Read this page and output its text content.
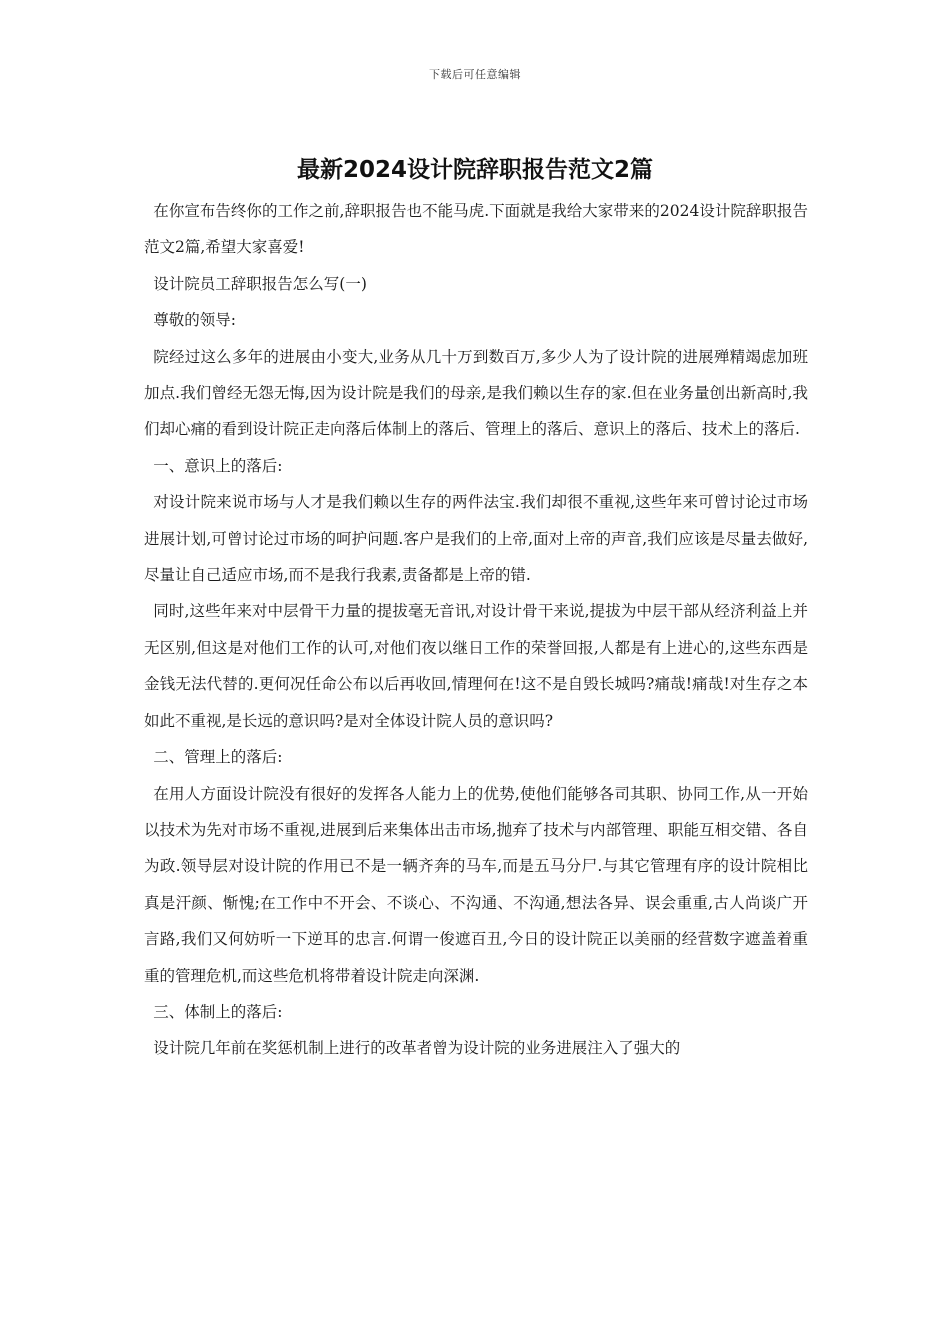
下载后可任意编辑
最新2024设计院辞职报告范文2篇

在你宣布告终你的工作之前,辞职报告也不能马虎.下面就是我给大家带来的2024设计院辞职报告范文2篇,希望大家喜爱!

设计院员工辞职报告怎么写(一)

尊敬的领导:

院经过这么多年的进展由小变大,业务从几十万到数百万,多少人为了设计院的进展殚精竭虑加班加点.我们曾经无怨无悔,因为设计院是我们的母亲,是我们赖以生存的家.但在业务量创出新高时,我们却心痛的看到设计院正走向落后体制上的落后、管理上的落后、意识上的落后、技术上的落后.

一、意识上的落后:

对设计院来说市场与人才是我们赖以生存的两件法宝.我们却很不重视,这些年来可曾讨论过市场进展计划,可曾讨论过市场的呵护问题.客户是我们的上帝,面对上帝的声音,我们应该是尽量去做好,尽量让自己适应市场,而不是我行我素,责备都是上帝的错.

同时,这些年来对中层骨干力量的提拔毫无音讯,对设计骨干来说,提拔为中层干部从经济利益上并无区别,但这是对他们工作的认可,对他们夜以继日工作的荣誉回报,人都是有上进心的,这些东西是金钱无法代替的.更何况任命公布以后再收回,情理何在!这不是自毁长城吗?痛哉!痛哉!对生存之本如此不重视,是长远的意识吗?是对全体设计院人员的意识吗?

二、管理上的落后:

在用人方面设计院没有很好的发挥各人能力上的优势,使他们能够各司其职、协同工作,从一开始以技术为先对市场不重视,进展到后来集体出击市场,抛弃了技术与内部管理、职能互相交错、各自为政.领导层对设计院的作用已不是一辆齐奔的马车,而是五马分尸.与其它管理有序的设计院相比真是汗颜、惭愧;在工作中不开会、不谈心、不沟通、不沟通,想法各异、误会重重,古人尚谈广开言路,我们又何妨听一下逆耳的忠言.何谓一俊遮百丑,今日的设计院正以美丽的经营数字遮盖着重重的管理危机,而这些危机将带着设计院走向深渊.

三、体制上的落后:

设计院几年前在奖惩机制上进行的改革者曾为设计院的业务进展注入了强大的
